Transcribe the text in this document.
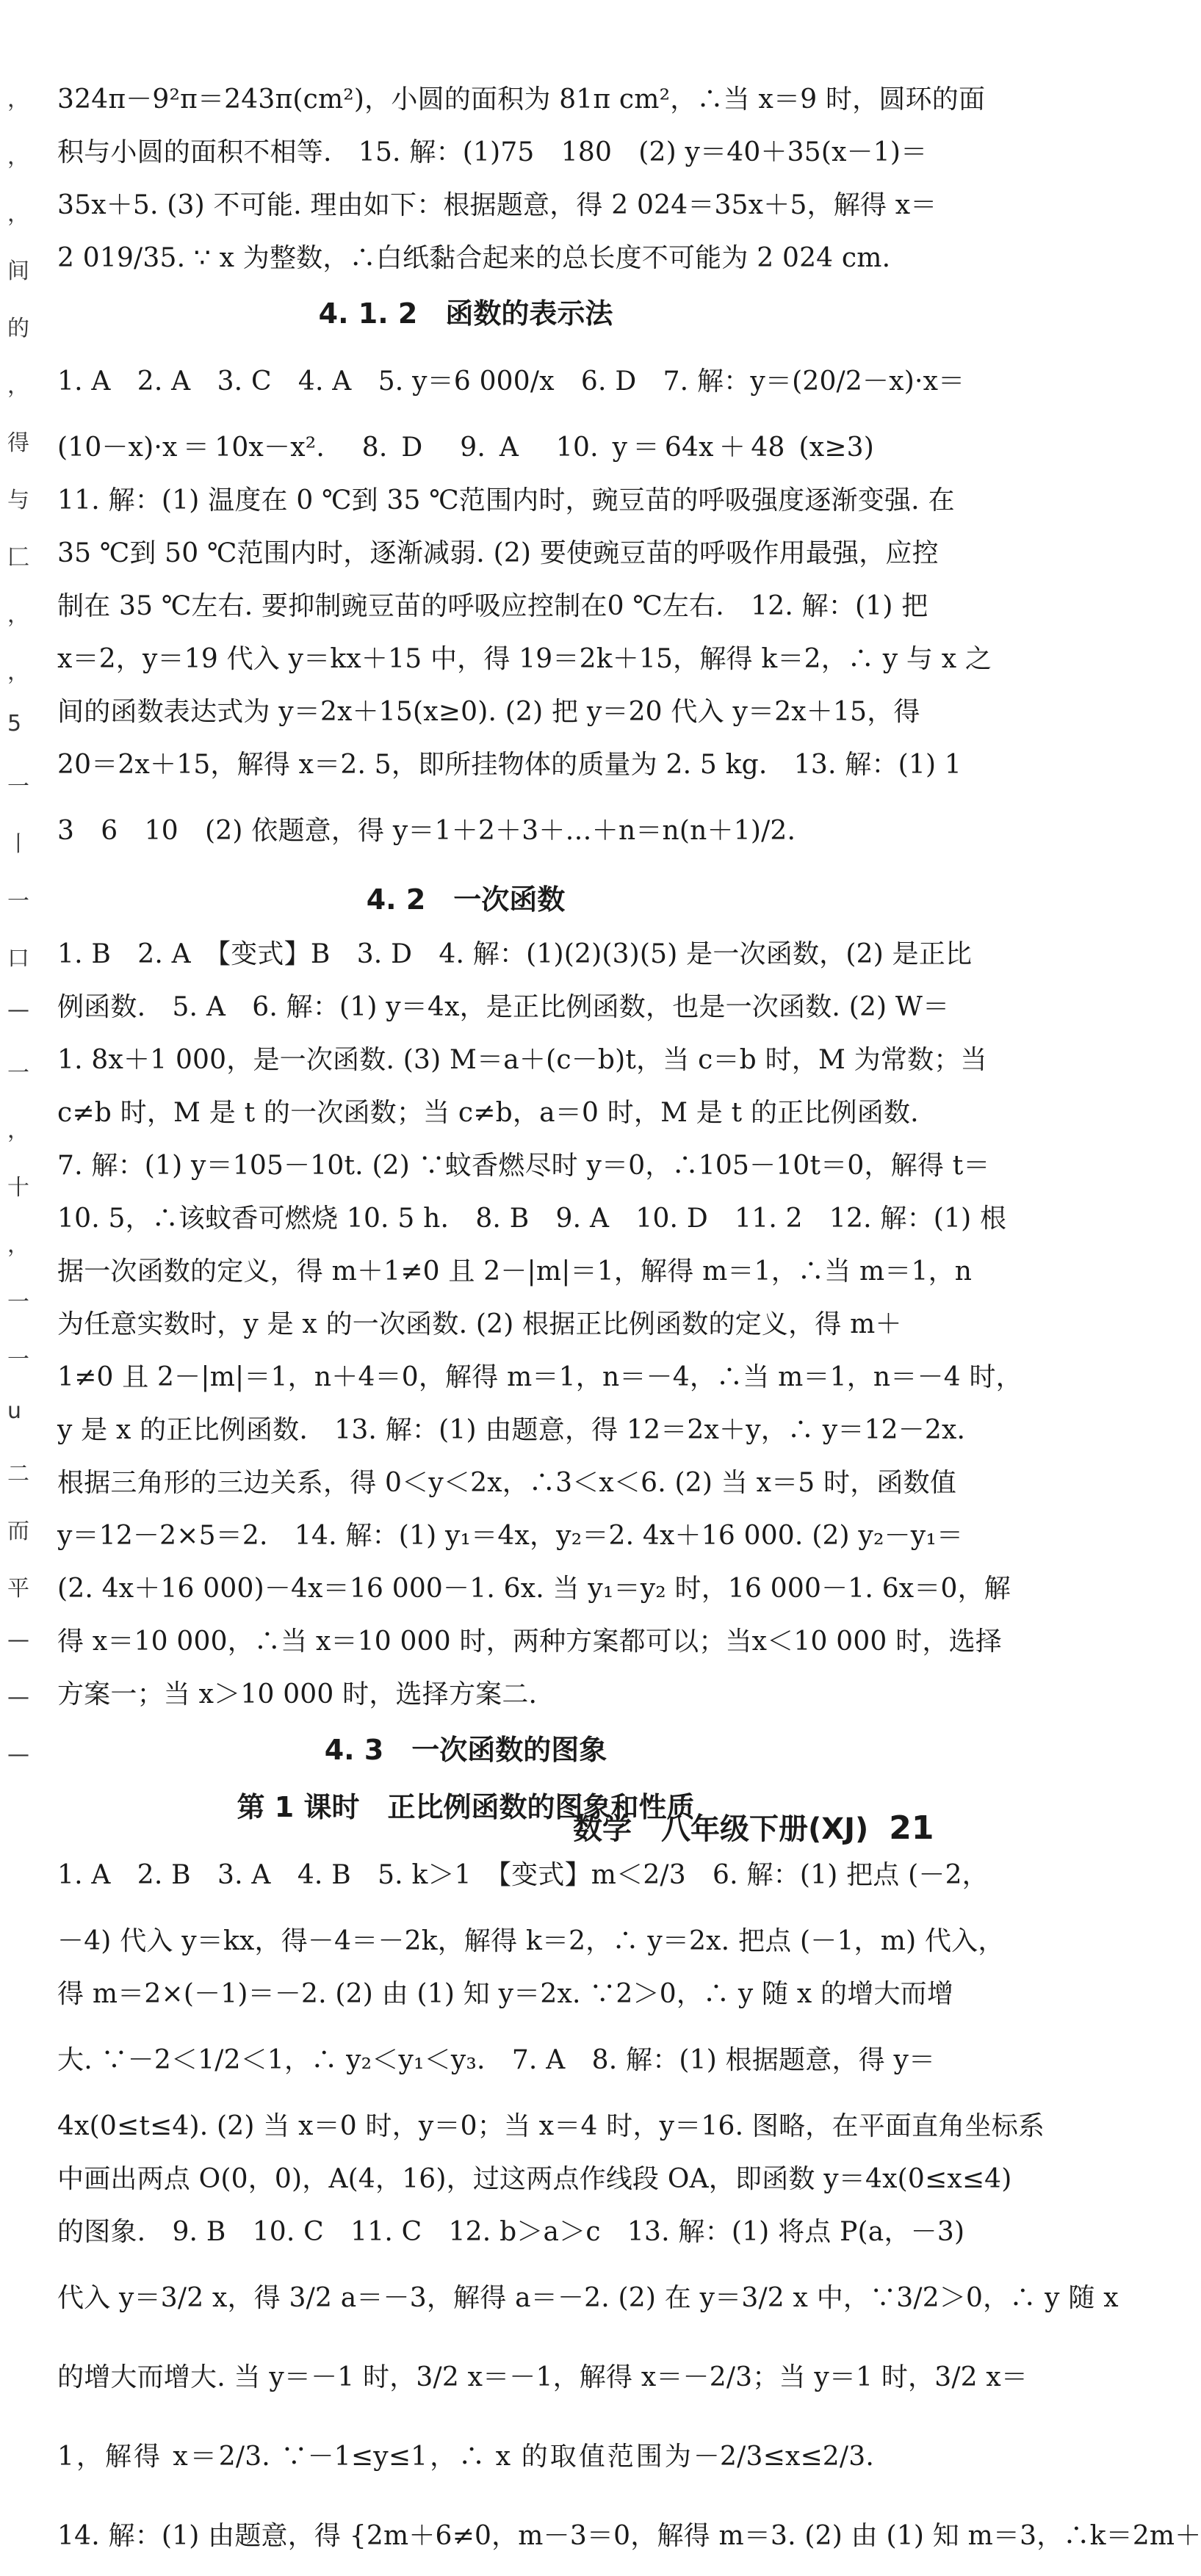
，
，
，
间
的
，
得
与
匚
，
，
5
一
丨
一
口
—
一
，
十
，
一
一
u
二
而
平
—
—
—
324π－9²π＝243π(cm²)，小圆的面积为 81π cm²，∴当 x＝9 时，圆环的面
积与小圆的面积不相等.　15. 解：(1)75　180　(2) y＝40＋35(x－1)＝
35x＋5. (3) 不可能. 理由如下：根据题意，得 2 024＝35x＋5，解得 x＝
2 019/35. ∵ x 为整数，∴白纸黏合起来的总长度不可能为 2 024 cm.
4. 1. 2　函数的表示法
1. A　2. A　3. C　4. A　5. y＝6 000/x　6. D　7. 解：y＝(20/2－x)·x＝
(10－x)·x＝10x－x².　8. D　9. A　10. y＝64x＋48 (x≥3)
11. 解：(1) 温度在 0 ℃到 35 ℃范围内时，豌豆苗的呼吸强度逐渐变强. 在
35 ℃到 50 ℃范围内时，逐渐减弱. (2) 要使豌豆苗的呼吸作用最强，应控
制在 35 ℃左右. 要抑制豌豆苗的呼吸应控制在0 ℃左右.　12. 解：(1) 把
x＝2，y＝19 代入 y＝kx＋15 中，得 19＝2k＋15，解得 k＝2，∴ y 与 x 之
间的函数表达式为 y＝2x＋15(x≥0). (2) 把 y＝20 代入 y＝2x＋15，得
20＝2x＋15，解得 x＝2. 5，即所挂物体的质量为 2. 5 kg.　13. 解：(1) 1
3　6　10　(2) 依题意，得 y＝1＋2＋3＋…＋n＝n(n＋1)/2.
4. 2　一次函数
1. B　2. A　【变式】B　3. D　4. 解：(1)(2)(3)(5) 是一次函数，(2) 是正比
例函数.　5. A　6. 解：(1) y＝4x，是正比例函数，也是一次函数. (2) W＝
1. 8x＋1 000，是一次函数. (3) M＝a＋(c－b)t，当 c＝b 时，M 为常数；当
c≠b 时，M 是 t 的一次函数；当 c≠b，a＝0 时，M 是 t 的正比例函数.
7. 解：(1) y＝105－10t. (2) ∵蚊香燃尽时 y＝0，∴105－10t＝0，解得 t＝
10. 5，∴该蚊香可燃烧 10. 5 h.　8. B　9. A　10. D　11. 2　12. 解：(1) 根
据一次函数的定义，得 m＋1≠0 且 2－|m|＝1，解得 m＝1，∴当 m＝1，n
为任意实数时，y 是 x 的一次函数. (2) 根据正比例函数的定义，得 m＋
1≠0 且 2－|m|＝1，n＋4＝0，解得 m＝1，n＝－4，∴当 m＝1，n＝－4 时，
y 是 x 的正比例函数.　13. 解：(1) 由题意，得 12＝2x＋y，∴ y＝12－2x.
根据三角形的三边关系，得 0＜y＜2x，∴3＜x＜6. (2) 当 x＝5 时，函数值
y＝12－2×5＝2.　14. 解：(1) y₁＝4x，y₂＝2. 4x＋16 000. (2) y₂－y₁＝
(2. 4x＋16 000)－4x＝16 000－1. 6x. 当 y₁＝y₂ 时，16 000－1. 6x＝0，解
得 x＝10 000，∴当 x＝10 000 时，两种方案都可以；当x＜10 000 时，选择
方案一；当 x＞10 000 时，选择方案二.
4. 3　一次函数的图象
第 1 课时　正比例函数的图象和性质
1. A　2. B　3. A　4. B　5. k＞1　【变式】m＜2/3　6. 解：(1) 把点 (－2，
－4) 代入 y＝kx，得－4＝－2k，解得 k＝2，∴ y＝2x. 把点 (－1，m) 代入，
得 m＝2×(－1)＝－2. (2) 由 (1) 知 y＝2x. ∵2＞0，∴ y 随 x 的增大而增
大. ∵－2＜1/2＜1，∴ y₂＜y₁＜y₃.　7. A　8. 解：(1) 根据题意，得 y＝
4x(0≤t≤4). (2) 当 x＝0 时，y＝0；当 x＝4 时，y＝16. 图略，在平面直角坐标系
中画出两点 O(0，0)，A(4，16)，过这两点作线段 OA，即函数 y＝4x(0≤x≤4)
的图象.　9. B　10. C　11. C　12. b＞a＞c　13. 解：(1) 将点 P(a，－3)
代入 y＝3/2 x，得 3/2 a＝－3，解得 a＝－2. (2) 在 y＝3/2 x 中，∵3/2＞0，∴ y 随 x
的增大而增大. 当 y＝－1 时，3/2 x＝－1，解得 x＝－2/3；当 y＝1 时，3/2 x＝
1，解得 x＝2/3. ∵－1≤y≤1，∴ x 的取值范围为－2/3≤x≤2/3.
14. 解：(1) 由题意，得 {2m＋6≠0，m－3＝0，解得 m＝3. (2) 由 (1) 知 m＝3，∴k＝2m＋
数学　八年级下册(XJ) 21
